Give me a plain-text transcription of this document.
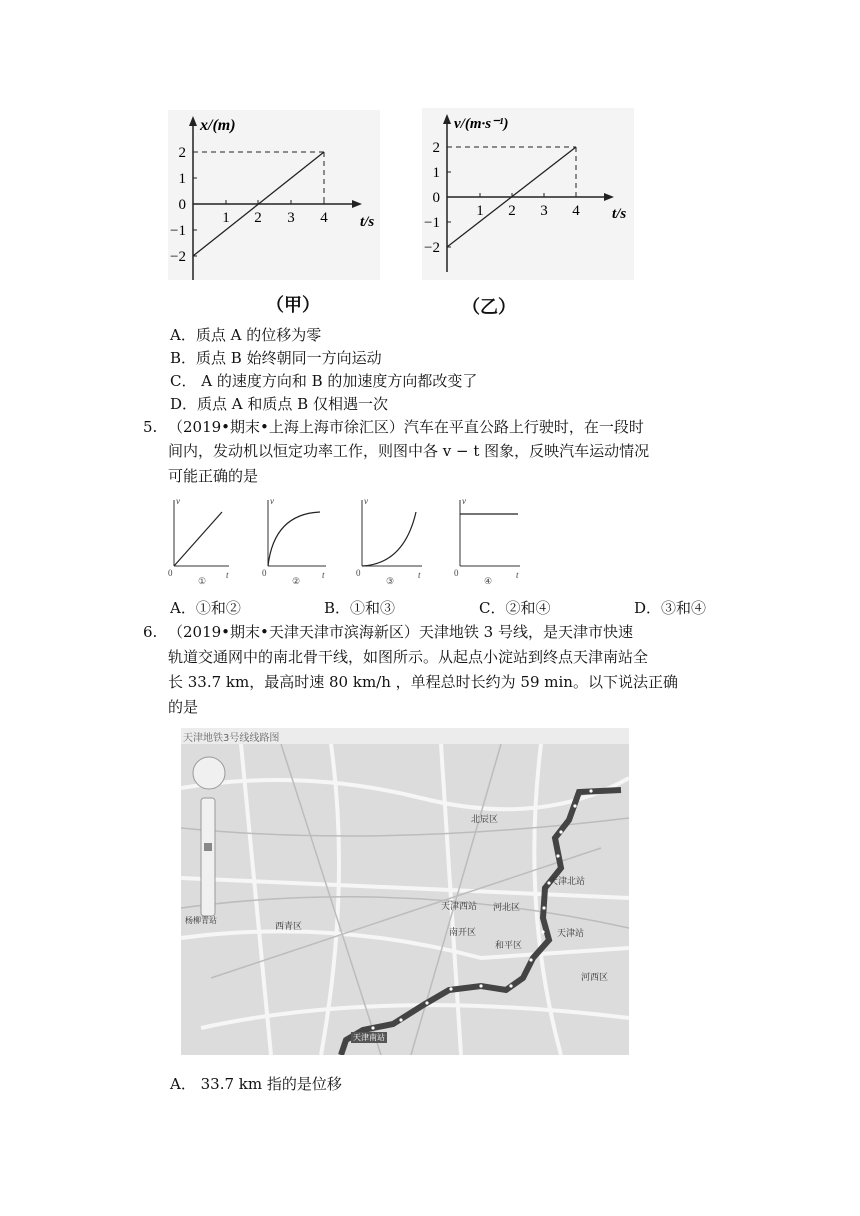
x/(m)
t/s
2
1
0
−1
−2
1 2 3 4
（甲）
v/(m·s⁻¹)
t/s
2
1
0
−1
−2
1 2 3 4
（乙）
A．质点 A 的位移为零
B．质点 B 始终朝同一方向运动
C． A 的速度方向和 B 的加速度方向都改变了
D．质点 A 和质点 B 仅相遇一次
5. （2019•期末•上海上海市徐汇区）汽车在平直公路上行驶时，在一段时
间内，发动机以恒定功率工作，则图中各 v − t 图象，反映汽车运动情况
可能正确的是
v
t
0
①
v
t
0
②
v
t
0
③
v
t
0
④
A．①和②	B．①和③	C．②和④	D．③和④
6. （2019•期末•天津天津市滨海新区）天津地铁 3 号线，是天津市快速
轨道交通网中的南北骨干线，如图所示。从起点小淀站到终点天津南站全
长 33.7 km，最高时速 80 km/h ，单程总时长约为 59 min。以下说法正确
的是
天津地铁3号线线路图
北辰区
天津北站
天津西站 河北区
南开区	天津站
和平区
河西区
西青区
杨柳青站
天津南站
A． 33.7 km 指的是位移
